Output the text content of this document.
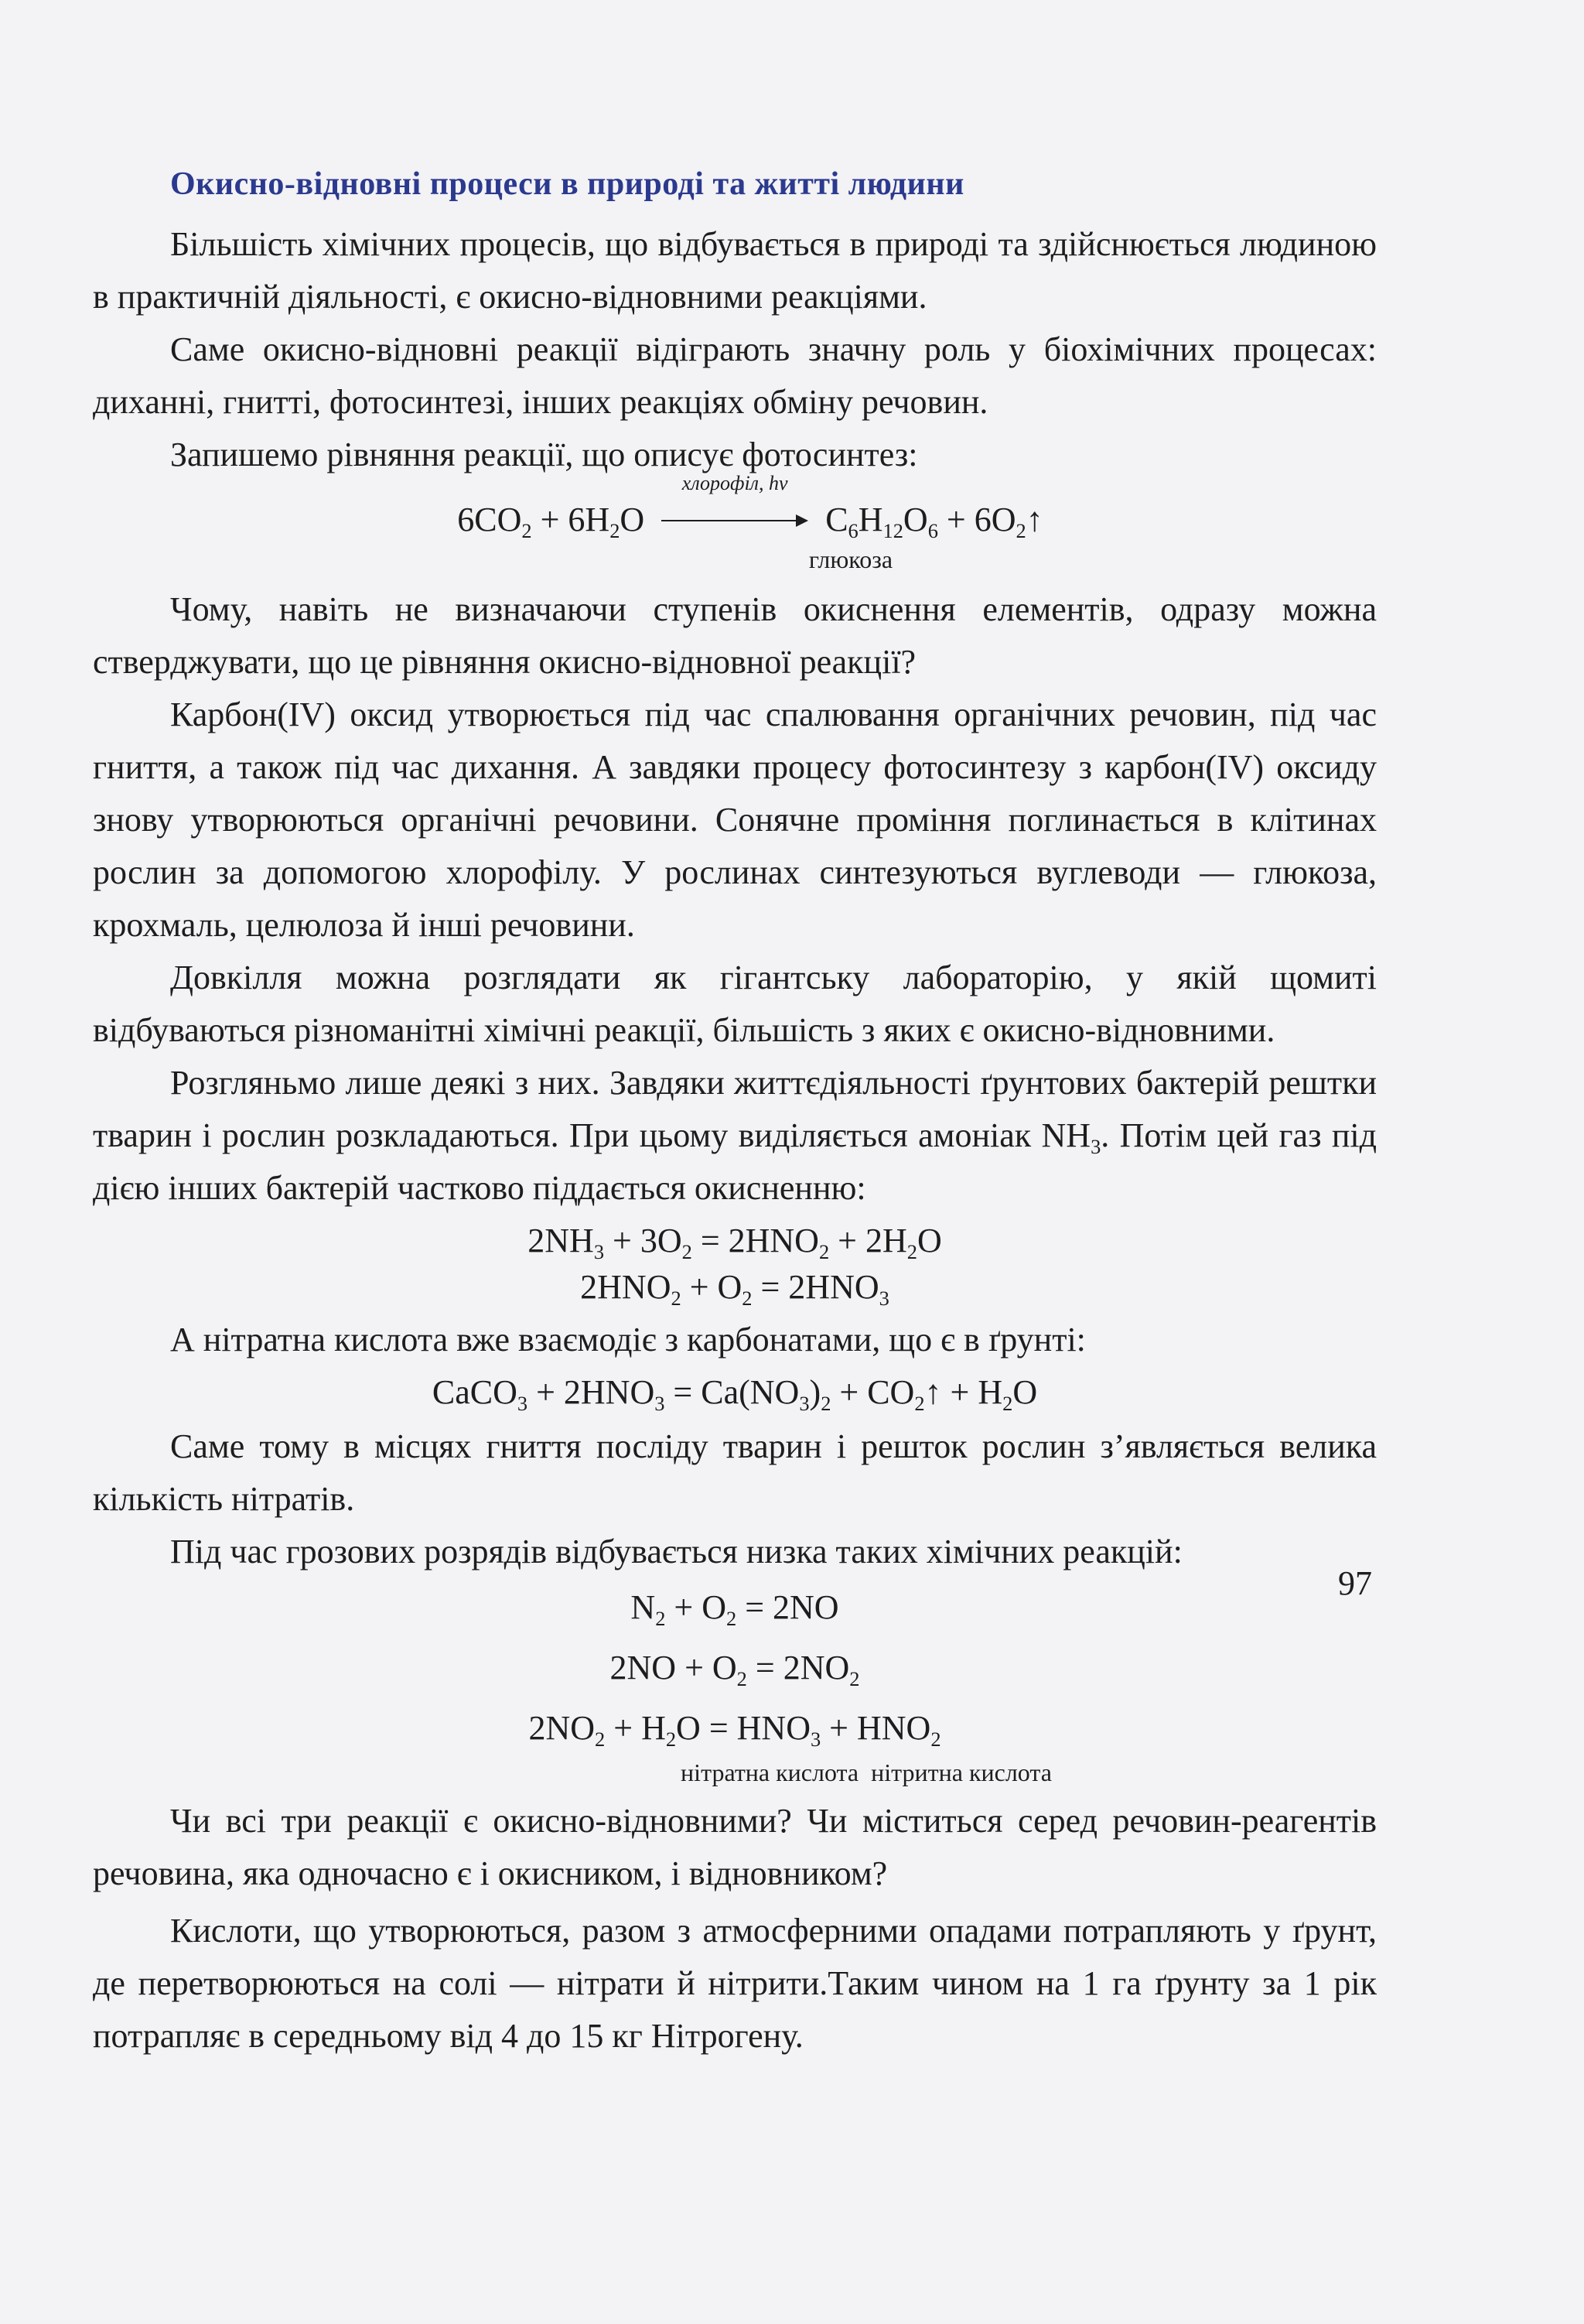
Окисно-відновні процеси в природі та житті людини

Більшість хімічних процесів, що відбувається в природі та здійснюється людиною в практичній діяльності, є окисно-відновними реакціями.

Саме окисно-відновні реакції відіграють значну роль у біохімічних процесах: диханні, гнитті, фотосинтезі, інших реакціях обміну речовин.

Запишемо рівняння реакції, що описує фотосинтез:

$6CO_2 + 6H_2O$
хлорофіл, hv
$C_6H_{12}O_6$ + $6O_2↑$
глюкоза

Чому, навіть не визначаючи ступенів окиснення елементів, одразу можна стверджувати, що це рівняння окисно-відновної реакції?

Карбон(IV) оксид утворюється під час спалювання органічних речовин, під час гниття, а також під час дихання. А завдяки процесу фотосинтезу з карбон(IV) оксиду знову утворюються органічні речовини. Сонячне проміння поглинається в клітинах рослин за допомогою хлорофілу. У рослинах синтезуються вуглеводи — глюкоза, крохмаль, целюлоза й інші речовини.

Довкілля можна розглядати як гігантську лабораторію, у якій щомиті відбуваються різноманітні хімічні реакції, більшість з яких є окисно-відновними.

Розгляньмо лише деякі з них. Завдяки життєдіяльності ґрунтових бактерій рештки тварин і рослин розкладаються. При цьому виділяється амоніак $NH_3$. Потім цей газ під дією інших бактерій частково піддається окисненню:

$2NH_3 + 3O_2 = 2HNO_2 + 2H_2O$
$2HNO_2 + O_2 = 2HNO_3$

А нітратна кислота вже взаємодіє з карбонатами, що є в ґрунті:

CaCO$_3$ + $2HNO_3 = Ca(NO_3)_2$ + $CO_2↑ + H_2O$

Саме тому в місцях гниття посліду тварин і решток рослин з’являється велика кількість нітратів.

Під час грозових розрядів відбувається низка таких хімічних реакцій:

$N_2 + O_2 = 2NO$
$2NO + O_2 = 2NO_2$
$2NO_2 + H_2O = HNO_3 + HNO_2$
нітратна кислота нітритна кислота

Чи всі три реакції є окисно-відновними? Чи міститься серед речовин-реагентів речовина, яка одночасно є і окисником, і відновником?

Кислоти, що утворюються, разом з атмосферними опадами потрапляють у ґрунт, де перетворюються на солі — нітрати й нітрити.Таким чином на 1 га ґрунту за 1 рік потрапляє в середньому від 4 до 15 кг Нітрогену.

97
